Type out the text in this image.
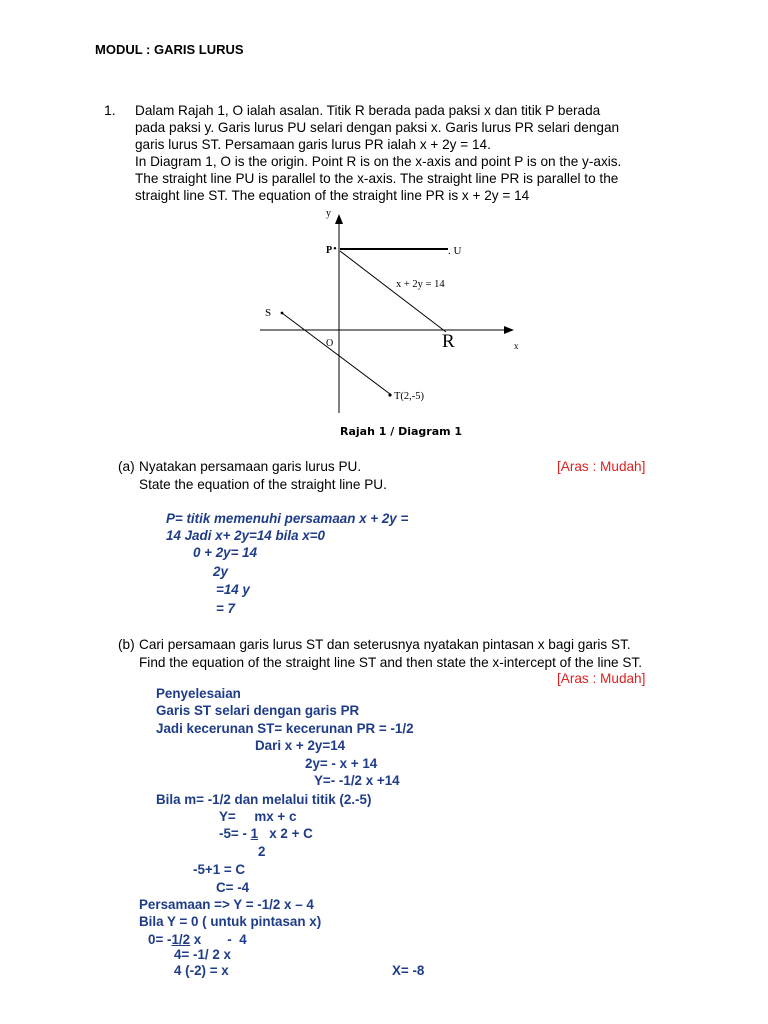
MODUL : GARIS LURUS
1. Dalam Rajah 1, O ialah asalan. Titik R berada pada paksi x dan titik P berada
pada paksi y. Garis lurus PU selari dengan paksi x. Garis lurus PR selari dengan
garis lurus ST. Persamaan garis lurus PR ialah x + 2y = 14.
In Diagram 1, O is the origin. Point R is on the x-axis and point P is on the y-axis.
The straight line PU is parallel to the x-axis. The straight line PR is parallel to the
straight line ST. The equation of the straight line PR is x + 2y = 14
y
x
P •	. U
S
O	R
x + 2y = 14
T(2,-5)
Rajah 1 / Diagram 1
(a) Nyatakan persamaan garis lurus PU.	[Aras : Mudah]
State the equation of the straight line PU.
P= titik memenuhi persamaan x + 2y =
14 Jadi x+ 2y=14 bila x=0
0 + 2y= 14
2y
=14 y
= 7
(b) Cari persamaan garis lurus ST dan seterusnya nyatakan pintasan x bagi garis ST.
Find the equation of the straight line ST and then state the x-intercept of the line ST.
[Aras : Mudah]
Penyelesaian
Garis ST selari dengan garis PR
Jadi kecerunan ST= kecerunan PR = -1/2
Dari x + 2y=14
2y= - x + 14
Y=- -1/2 x +14
Bila m= -1/2 dan melalui titik (2.-5)
Y=     mx + c
-5= - 1   x 2 + C
2
-5+1 = C
C= -4
Persamaan => Y = -1/2 x – 4
Bila Y = 0 ( untuk pintasan x)
0= -1/2 x       -  4
4= -1/ 2 x
4 (-2) = x	X= -8
